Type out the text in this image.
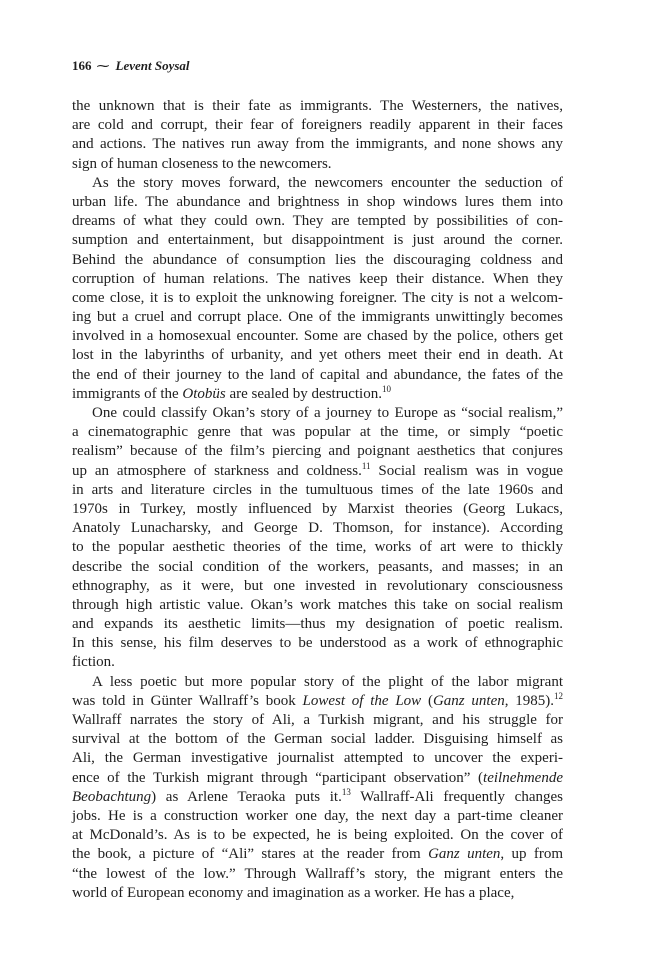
166 ⁓ Levent Soysal
the unknown that is their fate as immigrants. The Westerners, the natives,
are cold and corrupt, their fear of foreigners readily apparent in their faces
and actions. The natives run away from the immigrants, and none shows any
sign of human closeness to the newcomers.
As the story moves forward, the newcomers encounter the seduction of
urban life. The abundance and brightness in shop windows lures them into
dreams of what they could own. They are tempted by possibilities of con-
sumption and entertainment, but disappointment is just around the corner.
Behind the abundance of consumption lies the discouraging coldness and
corruption of human relations. The natives keep their distance. When they
come close, it is to exploit the unknowing foreigner. The city is not a welcom-
ing but a cruel and corrupt place. One of the immigrants unwittingly becomes
involved in a homosexual encounter. Some are chased by the police, others get
lost in the labyrinths of urbanity, and yet others meet their end in death. At
the end of their journey to the land of capital and abundance, the fates of the
immigrants of the Otobüs are sealed by destruction.$^{10}$
One could classify Okan’s story of a journey to Europe as “social realism,”
a cinematographic genre that was popular at the time, or simply “poetic
realism” because of the film’s piercing and poignant aesthetics that conjures
up an atmosphere of starkness and coldness.$^{11}$ Social realism was in vogue
in arts and literature circles in the tumultuous times of the late 1960s and
1970s in Turkey, mostly influenced by Marxist theories (Georg Lukacs,
Anatoly Lunacharsky, and George D. Thomson, for instance). According
to the popular aesthetic theories of the time, works of art were to thickly
describe the social condition of the workers, peasants, and masses; in an
ethnography, as it were, but one invested in revolutionary consciousness
through high artistic value. Okan’s work matches this take on social realism
and expands its aesthetic limits—thus my designation of poetic realism.
In this sense, his film deserves to be understood as a work of ethnographic
fiction.
A less poetic but more popular story of the plight of the labor migrant
was told in Günter Wallraff’s book Lowest of the Low (Ganz unten, 1985).$^{12}$
Wallraff narrates the story of Ali, a Turkish migrant, and his struggle for
survival at the bottom of the German social ladder. Disguising himself as
Ali, the German investigative journalist attempted to uncover the experi-
ence of the Turkish migrant through “participant observation” (teilnehmende
Beobachtung) as Arlene Teraoka puts it.$^{13}$ Wallraff-Ali frequently changes
jobs. He is a construction worker one day, the next day a part-time cleaner
at McDonald’s. As is to be expected, he is being exploited. On the cover of
the book, a picture of “Ali” stares at the reader from Ganz unten, up from
“the lowest of the low.” Through Wallraff’s story, the migrant enters the
world of European economy and imagination as a worker. He has a place,
